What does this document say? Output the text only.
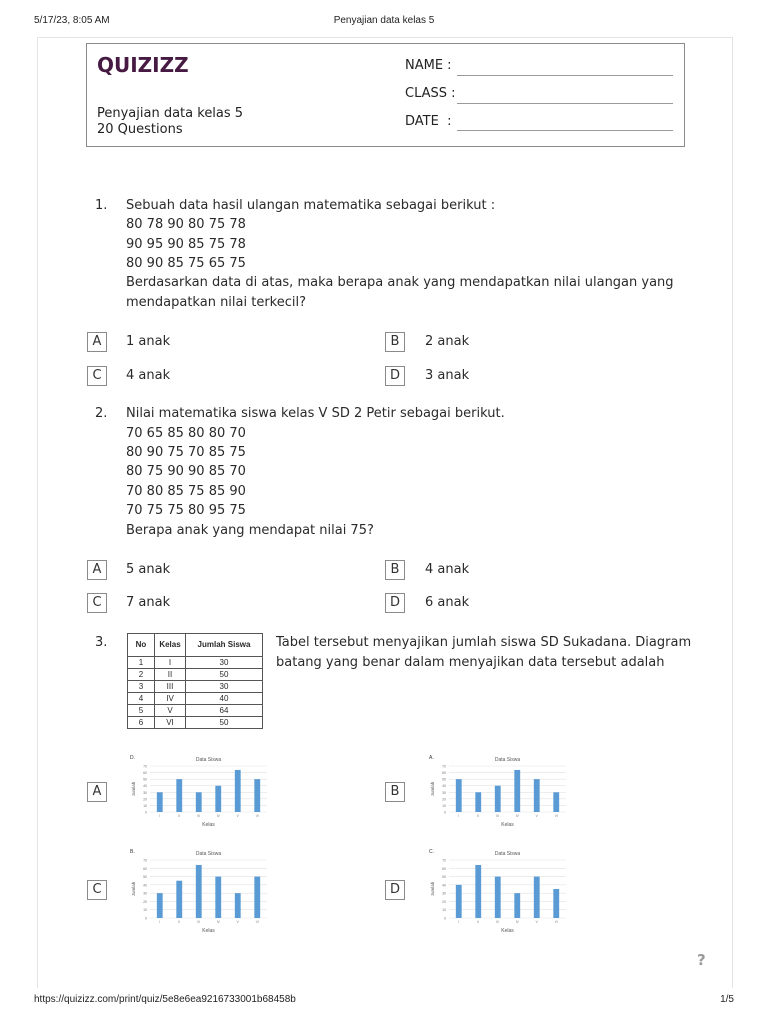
5/17/23, 8:05 AM	Penyajian data kelas 5
QUIZIZZ
Penyajian data kelas 5
20 Questions
NAME :
CLASS :
DATE  :
1. Sebuah data hasil ulangan matematika sebagai berikut :
80 78 90 80 75 78
90 95 90 85 75 78
80 90 85 75 65 75
Berdasarkan data di atas, maka berapa anak yang mendapatkan nilai ulangan yang
mendapatkan nilai terkecil?
A	1 anak	B	2 anak
C	4 anak	D	3 anak
2. Nilai matematika siswa kelas V SD 2 Petir sebagai berikut.
70 65 85 80 80 70
80 90 75 70 85 75
80 75 90 90 85 70
70 80 85 75 85 90
70 75 75 80 95 75
Berapa anak yang mendapat nilai 75?
A	5 anak	B	4 anak
C	7 anak	D	6 anak
3.	Tabel tersebut menyajikan jumlah siswa SD Sukadana. Diagram
batang yang benar dalam menyajikan data tersebut adalah
No	Kelas	Jumlah Siswa
1	I	30
2	II	50
3	III	30
4	IV	40
5	V	64
6	VI	50
A
D.	Data Siswa
0
10
20
30
40
50
60
70
Jumlah
I	II	III	IV	V	VI
Kelas
B
A.	Data Siswa
0
10
20
30
40
50
60
70
Jumlah
I	II	III	IV	V	VI
Kelas
C
B.	Data Siswa
0
10
20
30
40
50
60
70
Jumlah
I	II	III	IV	V	VI
Kelas
D
C.	Data Siswa
0
10
20
30
40
50
60
70
Jumlah
I	II	III	IV	V	VI
Kelas
?
https://quizizz.com/print/quiz/5e8e6ea9216733001b68458b	1/5
